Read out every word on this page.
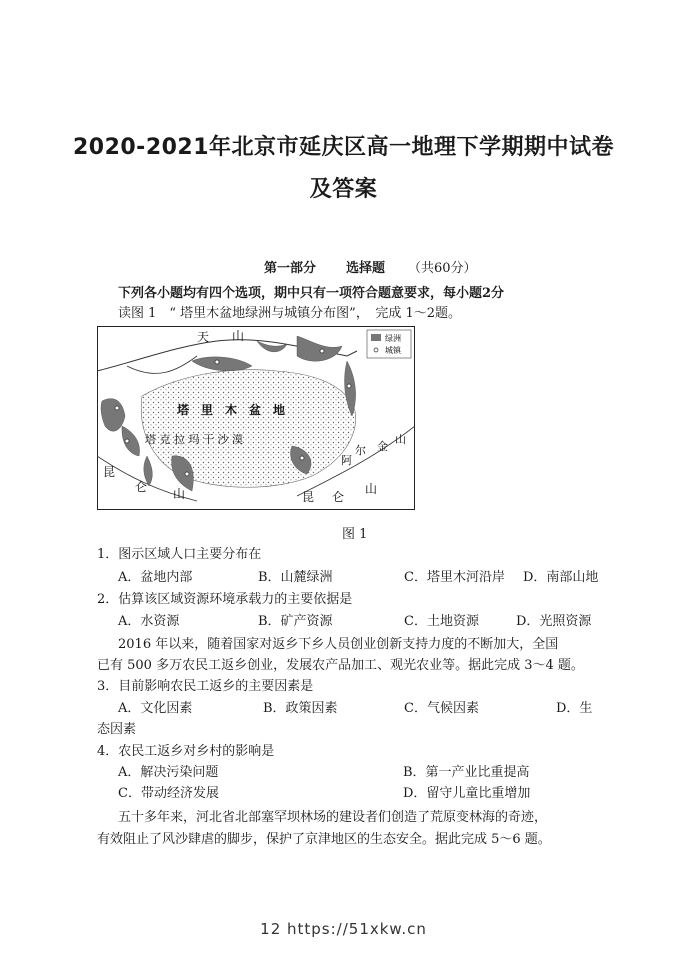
2020-2021年北京市延庆区高一地理下学期期中试卷
及答案
第一部分 选择题 （共60分）
下列各小题均有四个选项，期中只有一项符合题意要求，每小题2分
读图 1　“ 塔里木盆地绿洲与城镇分布图”，　完成 1～2题。
绿洲
城镇
天 山
塔　里　木　盆　地
塔 克 拉 玛 干 沙 漠
阿
尔 金
山
昆
仑 山	昆 仑
山
图 1
1．图示区域人口主要分布在
A．盆地内部	B．山麓绿洲	C．塔里木河沿岸 D．南部山地
2．估算该区域资源环境承载力的主要依据是
A．水资源	B．矿产资源	C．土地资源	D．光照资源
2016 年以来，随着国家对返乡下乡人员创业创新支持力度的不断加大，全国
已有 500 多万农民工返乡创业，发展农产品加工、观光农业等。据此完成 3～4 题。
3．目前影响农民工返乡的主要因素是
A．文化因素	B．政策因素	C．气候因素	D．生
态因素
4．农民工返乡对乡村的影响是
A．解决污染问题	B．第一产业比重提高
C．带动经济发展	D．留守儿童比重增加
五十多年来，河北省北部塞罕坝林场的建设者们创造了荒原变林海的奇迹，
有效阻止了风沙肆虐的脚步，保护了京津地区的生态安全。据此完成 5～6 题。
12 https://51xkw.cn
